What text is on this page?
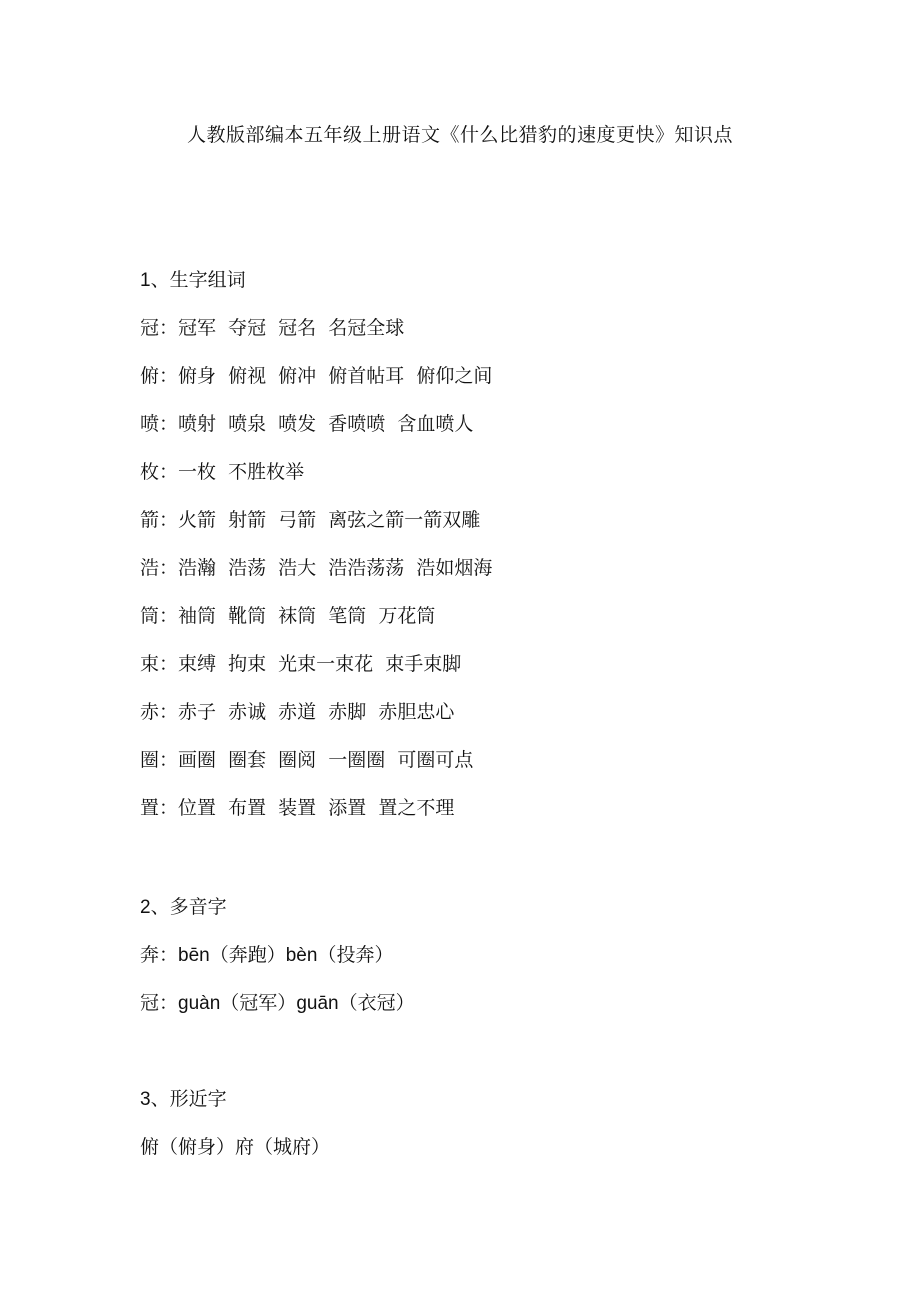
人教版部编本五年级上册语文《什么比猎豹的速度更快》知识点
1、生字组词
冠：冠军  夺冠  冠名  名冠全球
俯：俯身  俯视  俯冲  俯首帖耳  俯仰之间
喷：喷射  喷泉  喷发  香喷喷  含血喷人
枚：一枚  不胜枚举
箭：火箭  射箭  弓箭  离弦之箭一箭双雕
浩：浩瀚  浩荡  浩大  浩浩荡荡  浩如烟海
筒：袖筒  靴筒  袜筒  笔筒  万花筒
束：束缚  拘束  光束一束花  束手束脚
赤：赤子  赤诚  赤道  赤脚  赤胆忠心
圈：画圈  圈套  圈阅  一圈圈  可圈可点
置：位置  布置  装置  添置  置之不理
2、多音字
奔：bēn（奔跑）bèn（投奔）
冠：guàn（冠军）guān（衣冠）
3、形近字
俯（俯身）府（城府）
